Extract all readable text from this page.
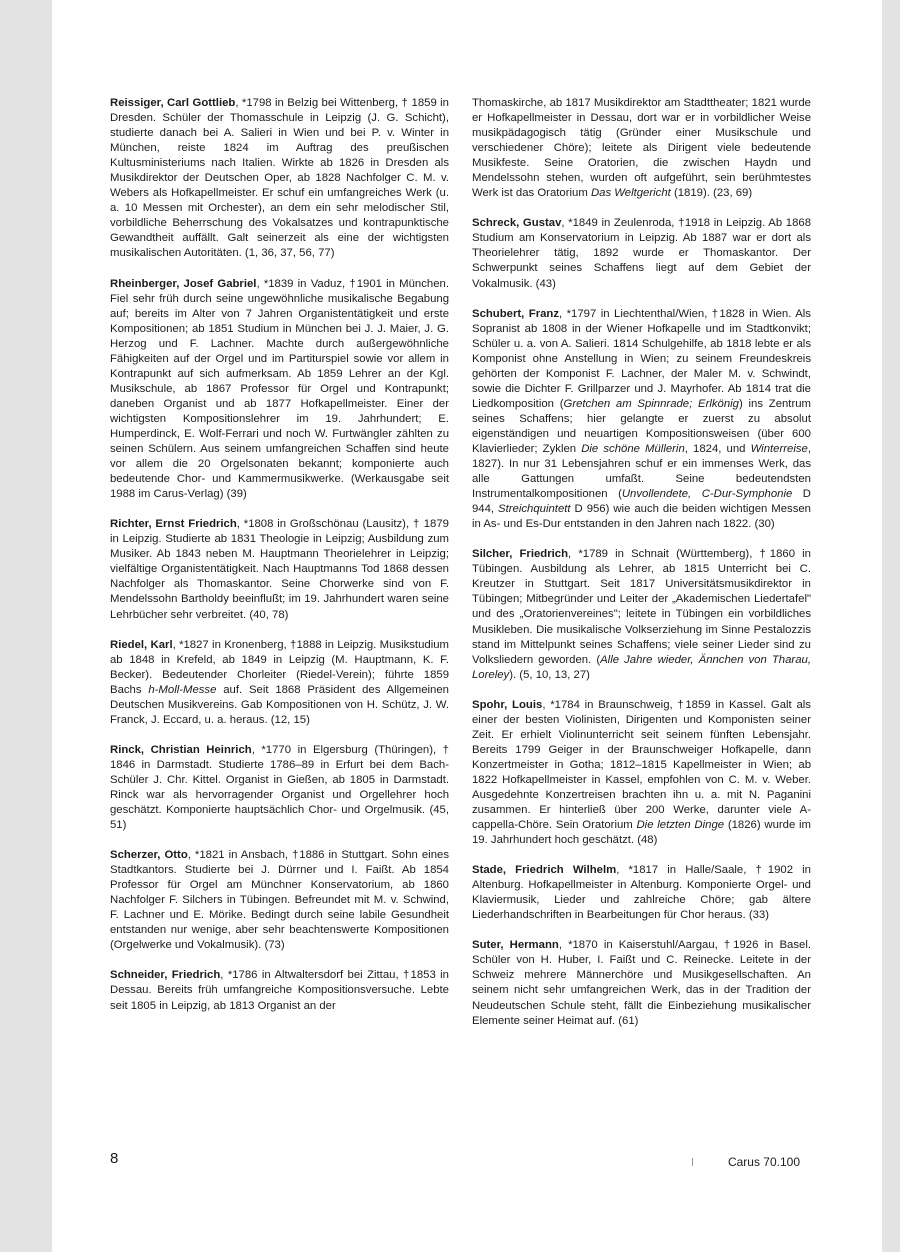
Reissiger, Carl Gottlieb, *1798 in Belzig bei Wittenberg, † 1859 in Dresden. Schüler der Thomasschule in Leipzig (J. G. Schicht), studierte danach bei A. Salieri in Wien und bei P. v. Winter in München, reiste 1824 im Auftrag des preußischen Kultusministeriums nach Italien. Wirkte ab 1826 in Dresden als Musikdirektor der Deutschen Oper, ab 1828 Nachfolger C. M. v. Webers als Hofkapellmeister. Er schuf ein umfangreiches Werk (u. a. 10 Messen mit Orchester), an dem ein sehr melodischer Stil, vorbildliche Beherrschung des Vokalsatzes und kontrapunktische Gewandtheit auffällt. Galt seinerzeit als eine der wichtigsten musikalischen Autoritäten. (1, 36, 37, 56, 77)

Rheinberger, Josef Gabriel, *1839 in Vaduz, †1901 in München. Fiel sehr früh durch seine ungewöhnliche musikalische Begabung auf; bereits im Alter von 7 Jahren Organistentätigkeit und erste Kompositionen; ab 1851 Studium in München bei J. J. Maier, J. G. Herzog und F. Lachner. Machte durch außergewöhnliche Fähigkeiten auf der Orgel und im Partiturspiel sowie vor allem in Kontrapunkt auf sich aufmerksam. Ab 1859 Lehrer an der Kgl. Musikschule, ab 1867 Professor für Orgel und Kontrapunkt; daneben Organist und ab 1877 Hofkapellmeister. Einer der wichtigsten Kompositionslehrer im 19. Jahrhundert; E. Humperdinck, E. Wolf-Ferrari und noch W. Furtwängler zählten zu seinen Schülern. Aus seinem umfangreichen Schaffen sind heute vor allem die 20 Orgelsonaten bekannt; komponierte auch bedeutende Chor- und Kammermusikwerke. (Werkausgabe seit 1988 im Carus-Verlag) (39)

Richter, Ernst Friedrich, *1808 in Großschönau (Lausitz), † 1879 in Leipzig. Studierte ab 1831 Theologie in Leipzig; Ausbildung zum Musiker. Ab 1843 neben M. Hauptmann Theorielehrer in Leipzig; vielfältige Organistentätigkeit. Nach Hauptmanns Tod 1868 dessen Nachfolger als Thomaskantor. Seine Chorwerke sind von F. Mendelssohn Bartholdy beeinflußt; im 19. Jahrhundert waren seine Lehrbücher sehr verbreitet. (40, 78)

Riedel, Karl, *1827 in Kronenberg, †1888 in Leipzig. Musikstudium ab 1848 in Krefeld, ab 1849 in Leipzig (M. Hauptmann, K. F. Becker). Bedeutender Chorleiter (Riedel-Verein); führte 1859 Bachs h-Moll-Messe auf. Seit 1868 Präsident des Allgemeinen Deutschen Musikvereins. Gab Kompositionen von H. Schütz, J. W. Franck, J. Eccard, u. a. heraus. (12, 15)

Rinck, Christian Heinrich, *1770 in Elgersburg (Thüringen), † 1846 in Darmstadt. Studierte 1786–89 in Erfurt bei dem Bach-Schüler J. Chr. Kittel. Organist in Gießen, ab 1805 in Darmstadt. Rinck war als hervorragender Organist und Orgellehrer hoch geschätzt. Komponierte hauptsächlich Chor- und Orgelmusik. (45, 51)

Scherzer, Otto, *1821 in Ansbach, †1886 in Stuttgart. Sohn eines Stadtkantors. Studierte bei J. Dürrner und I. Faißt. Ab 1854 Professor für Orgel am Münchner Konservatorium, ab 1860 Nachfolger F. Silchers in Tübingen. Befreundet mit M. v. Schwind, F. Lachner und E. Mörike. Bedingt durch seine labile Gesundheit entstanden nur wenige, aber sehr beachtenswerte Kompositionen (Orgelwerke und Vokalmusik). (73)

Schneider, Friedrich, *1786 in Altwaltersdorf bei Zittau, †1853 in Dessau. Bereits früh umfangreiche Kompositionsversuche. Lebte seit 1805 in Leipzig, ab 1813 Organist an der

Thomaskirche, ab 1817 Musikdirektor am Stadttheater; 1821 wurde er Hofkapellmeister in Dessau, dort war er in vorbildlicher Weise musikpädagogisch tätig (Gründer einer Musikschule und verschiedener Chöre); leitete als Dirigent viele bedeutende Musikfeste. Seine Oratorien, die zwischen Haydn und Mendelssohn stehen, wurden oft aufgeführt, sein berühmtestes Werk ist das Oratorium Das Weltgericht (1819). (23, 69)

Schreck, Gustav, *1849 in Zeulenroda, †1918 in Leipzig. Ab 1868 Studium am Konservatorium in Leipzig. Ab 1887 war er dort als Theorielehrer tätig, 1892 wurde er Thomaskantor. Der Schwerpunkt seines Schaffens liegt auf dem Gebiet der Vokalmusik. (43)

Schubert, Franz, *1797 in Liechtenthal/Wien, †1828 in Wien. Als Sopranist ab 1808 in der Wiener Hofkapelle und im Stadtkonvikt; Schüler u. a. von A. Salieri. 1814 Schulgehilfe, ab 1818 lebte er als Komponist ohne Anstellung in Wien; zu seinem Freundeskreis gehörten der Komponist F. Lachner, der Maler M. v. Schwindt, sowie die Dichter F. Grillparzer und J. Mayrhofer. Ab 1814 trat die Liedkomposition (Gretchen am Spinnrade; Erlkönig) ins Zentrum seines Schaffens; hier gelangte er zuerst zu absolut eigenständigen und neuartigen Kompositionsweisen (über 600 Klavierlieder; Zyklen Die schöne Müllerin, 1824, und Winterreise, 1827). In nur 31 Lebensjahren schuf er ein immenses Werk, das alle Gattungen umfaßt. Seine bedeutendsten Instrumentalkompositionen (Unvollendete, C-Dur-Symphonie D 944, Streichquintett D 956) wie auch die beiden wichtigen Messen in As- und Es-Dur entstanden in den Jahren nach 1822. (30)

Silcher, Friedrich, *1789 in Schnait (Württemberg), †1860 in Tübingen. Ausbildung als Lehrer, ab 1815 Unterricht bei C. Kreutzer in Stuttgart. Seit 1817 Universitätsmusikdirektor in Tübingen; Mitbegründer und Leiter der „Akademischen Liedertafel" und des „Oratorienvereines"; leitete in Tübingen ein vorbildliches Musikleben. Die musikalische Volkserziehung im Sinne Pestalozzis stand im Mittelpunkt seines Schaffens; viele seiner Lieder sind zu Volksliedern geworden. (Alle Jahre wieder, Ännchen von Tharau, Loreley). (5, 10, 13, 27)

Spohr, Louis, *1784 in Braunschweig, †1859 in Kassel. Galt als einer der besten Violinisten, Dirigenten und Komponisten seiner Zeit. Er erhielt Violinunterricht seit seinem fünften Lebensjahr. Bereits 1799 Geiger in der Braunschweiger Hofkapelle, dann Konzertmeister in Gotha; 1812–1815 Kapellmeister in Wien; ab 1822 Hofkapellmeister in Kassel, empfohlen von C. M. v. Weber. Ausgedehnte Konzertreisen brachten ihn u. a. mit N. Paganini zusammen. Er hinterließ über 200 Werke, darunter viele A-cappella-Chöre. Sein Oratorium Die letzten Dinge (1826) wurde im 19. Jahrhundert hoch geschätzt. (48)

Stade, Friedrich Wilhelm, *1817 in Halle/Saale, †1902 in Altenburg. Hofkapellmeister in Altenburg. Komponierte Orgel- und Klaviermusik, Lieder und zahlreiche Chöre; gab ältere Liederhandschriften in Bearbeitungen für Chor heraus. (33)

Suter, Hermann, *1870 in Kaiserstuhl/Aargau, †1926 in Basel. Schüler von H. Huber, I. Faißt und C. Reinecke. Leitete in der Schweiz mehrere Männerchöre und Musikgesellschaften. An seinem nicht sehr umfangreichen Werk, das in der Tradition der Neudeutschen Schule steht, fällt die Einbeziehung musikalischer Elemente seiner Heimat auf. (61)

8	Carus 70.100
